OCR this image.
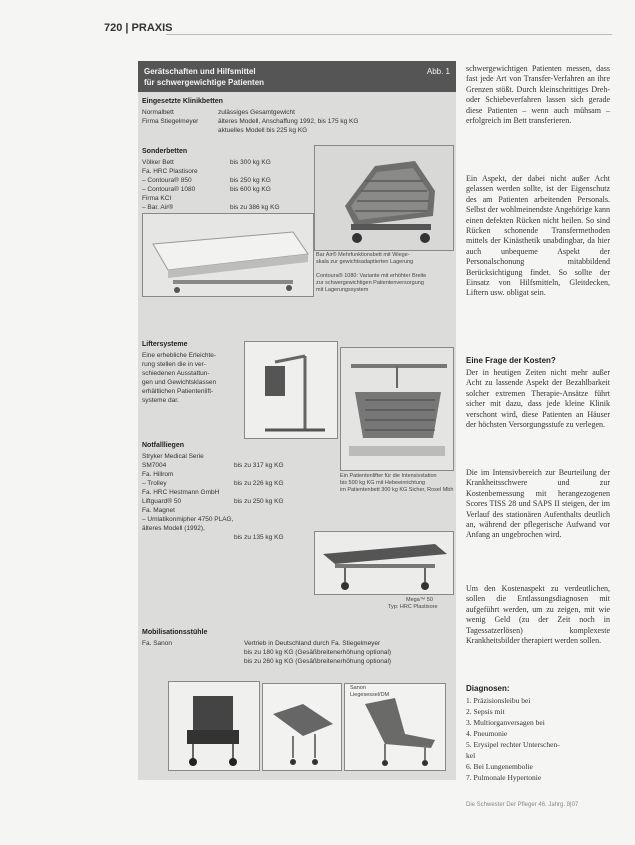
720 | PRAXIS
Gerätschaften und Hilfsmittel
für schwergewichtige Patienten
Abb. 1
Eingesetzte Klinikbetten
Normalbett	zulässiges Gesamtgewicht
Firma Stiegelmeyer	älteres Modell, Anschaffung 1992, bis 175 kg KG
aktuelles Modell bis 225 kg KG
Sonderbetten
Völker Bett	bis 300 kg KG
Fa. HRC Plastisore
– Contoura® 850	bis 250 kg KG
– Contoura® 1080	bis 600 kg KG
Firma KCI
– Bar. Air®	bis zu 386 kg KG
Bar Air® Mehrfunktionsbett mit Wiege-
skala zur gewichtsadaptierten Lagerung
Contoura® 1080: Variante mit erhöhter Breite
zur schwergewichtigen Patientenversorgung
mit Lagerungssystem
Liftersysteme
Eine erhebliche Erleichte-
rung stellen die in ver-
schiedenen Ausstattun-
gen und Gewichtsklassen
erhältlichen Patientenlift-
systeme dar.
Ein Patientenlifter für die Intensivstation
bis 500 kg KG mit Hebeeinrichtung
im Patientenbett 300 kg KG Sicher, Rosel Mbh
Notfallliegen
Stryker Medical Serie
SM7004	bis zu 317 kg KG
Fa. Hillrom
– Trolley	bis zu 226 kg KG
Fa. HRC Hestmann GmbH
Liftguard® 50	bis zu 250 kg KG
Fa. Magnet
– Umlatikonmipher 4750 PLAG,
älteres Modell (1992),
bis zu 135 kg KG
Mega™ 50
Typ: HRC Plastisore
Mobilisationsstühle
Fa. Sanon	Vertrieb in Deutschland durch Fa. Stiegelmeyer
bis zu 180 kg KG (Gesäßbreitenerhöhung optional)
bis zu 260 kg KG (Gesäßbreitenerhöhung optional)
Sanon
Liegesessel/DM
schwergewichtigen Patienten messen, dass fast jede Art von Transfer-Verfahren an ihre Grenzen stößt. Durch kleinschrittiges Dreh- oder Schiebeverfahren lassen sich gerade diese Patienten – wenn auch mühsam – erfolgreich im Bett transferieren.
Ein Aspekt, der dabei nicht außer Acht gelassen werden sollte, ist der Eigenschutz des am Patienten arbeitenden Personals. Selbst der wohlmeinendste Angehörige kann einen defekten Rücken nicht heilen. So sind Rücken schonende Transfermethoden mittels der Kinästhetik unabdingbar, da hier auch unbequeme Aspekt der Personalschonung mitabbildend Berücksichtigung findet. So sollte der Einsatz von Hilfsmitteln, Gleitdecken, Liftern usw. obligat sein.
Eine Frage der Kosten?
Der in heutigen Zeiten nicht mehr außer Acht zu lassende Aspekt der Bezahlbarkeit solcher extremen Therapie-Ansätze führt sicher mit dazu, dass jede kleine Klinik verschont wird, diese Patienten an Häuser der höchsten Versorgungsstufe zu verlegen.
Die im Intensivbereich zur Beurteilung der Krankheitsschwere und zur Kostenbemessung mit herangezogenen Scores TISS 28 und SAPS II steigen, der im Verlauf des stationären Aufenthalts deutlich an, während der pflegerische Aufwand vor Anfang an ungebrochen wird.
Um den Kostenaspekt zu verdeutlichen, sollen die Entlassungsdiagnosen mit aufgeführt werden, um zu zeigen, mit wie wenig Geld (zu der Zeit noch in Tagessatzerlösen) komplexeste Krankheitsbilder therapiert werden sollen.
Diagnosen:
1. Präzisionsleibu bei
2. Sepsis mit
3. Multiorganversagen bei
4. Pneumonie
5. Erysipel rechter Unterschen-
kel
6. Bei Lungenembolie
7. Pulmonale Hypertonie
Die Schwester Der Pfleger 46. Jahrg. 8|07
